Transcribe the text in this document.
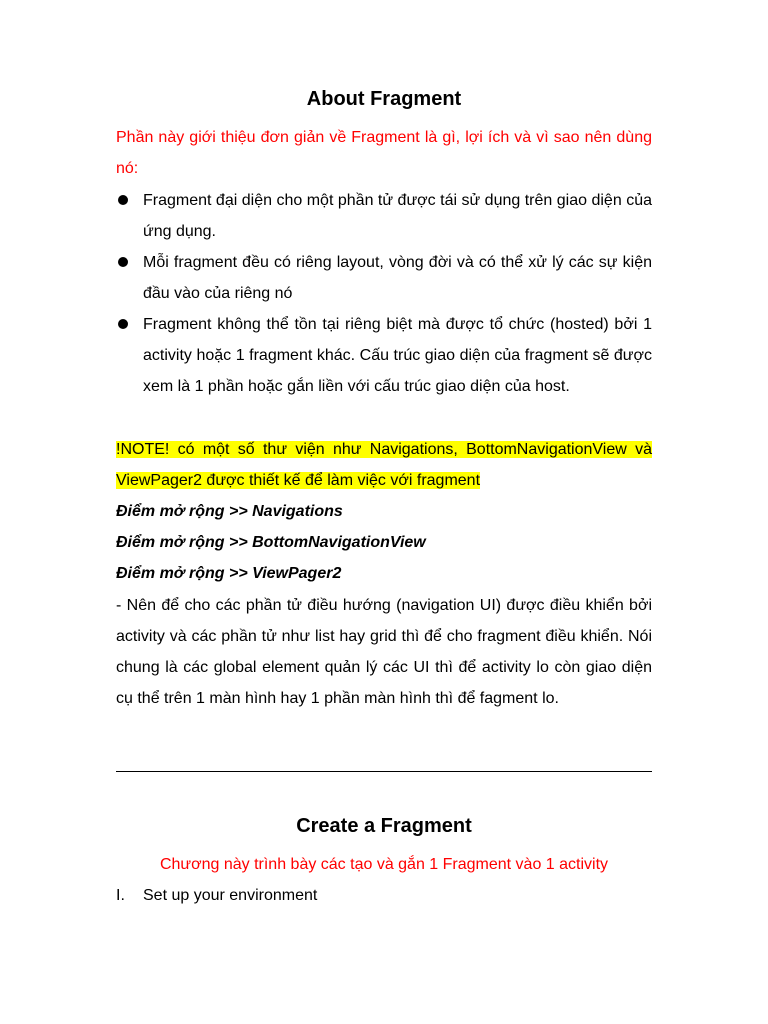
About Fragment

Phần này giới thiệu đơn giản về Fragment là gì, lợi ích và vì sao nên dùng nó:

Fragment đại diện cho một phần tử được tái sử dụng trên giao diện của ứng dụng.
Mỗi fragment đều có riêng layout, vòng đời và có thể xử lý các sự kiện đầu vào của riêng nó
Fragment không thể tồn tại riêng biệt mà được tổ chức (hosted) bởi 1 activity hoặc 1 fragment khác. Cấu trúc giao diện của fragment sẽ được xem là 1 phần hoặc gắn liền với cấu trúc giao diện của host.

!NOTE! có một số thư viện như Navigations, BottomNavigationView và ViewPager2 được thiết kế để làm việc với fragment

Điểm mở rộng >> Navigations

Điểm mở rộng >> BottomNavigationView

Điểm mở rộng >> ViewPager2

- Nên để cho các phần tử điều hướng (navigation UI) được điều khiển bởi activity và các phần tử như list hay grid thì để cho fragment điều khiển. Nói chung là các global element quản lý các UI thì để activity lo còn giao diện cụ thể trên 1 màn hình hay 1 phần màn hình thì để fagment lo.

Create a Fragment

Chương này trình bày các tạo và gắn 1 Fragment vào 1 activity

I. Set up your environment
